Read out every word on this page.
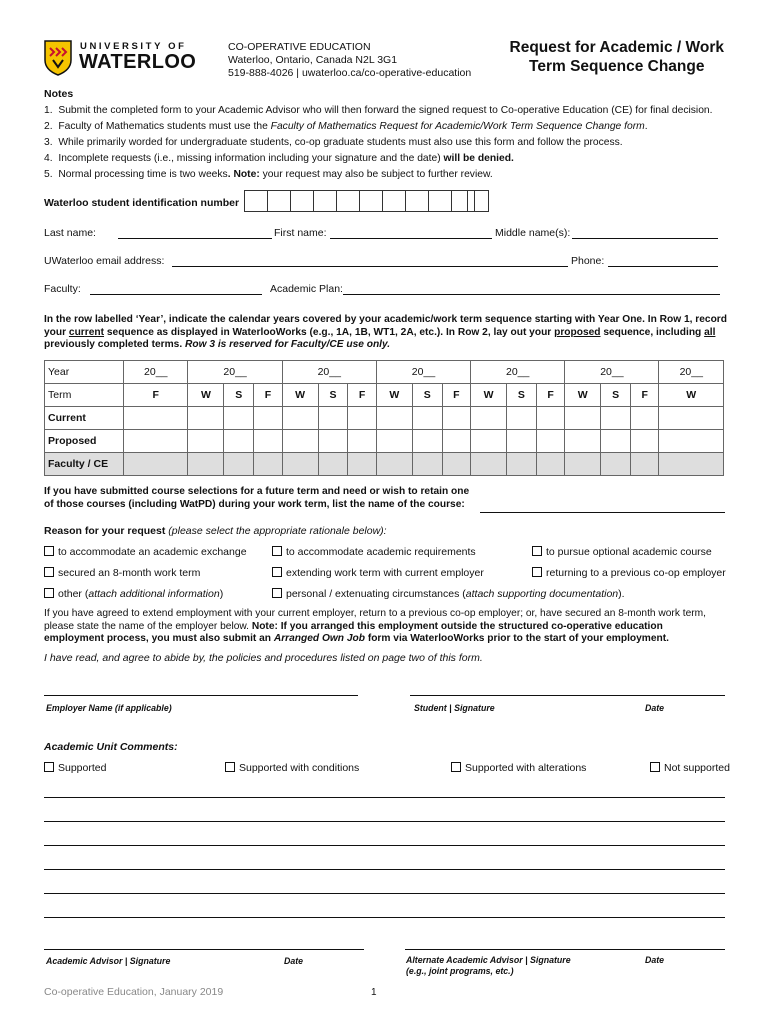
UNIVERSITY OF
WATERLOO
CO-OPERATIVE EDUCATION
Waterloo, Ontario, Canada N2L 3G1
519-888-4026 | uwaterloo.ca/co-operative-education
Request for Academic / Work
Term Sequence Change
Notes
1. Submit the completed form to your Academic Advisor who will then forward the signed request to Co-operative Education (CE) for final decision.
2. Faculty of Mathematics students must use the Faculty of Mathematics Request for Academic/Work Term Sequence Change form.
3. While primarily worded for undergraduate students, co-op graduate students must also use this form and follow the process.
4. Incomplete requests (i.e., missing information including your signature and the date) will be denied.
5. Normal processing time is two weeks. Note: your request may also be subject to further review.
Waterloo student identification number
Last name:	First name:	Middle name(s):
UWaterloo email address:	Phone:
Faculty:	Academic Plan:
In the row labelled ‘Year’, indicate the calendar years covered by your academic/work term sequence starting with Year One. In Row 1, record
your current sequence as displayed in WaterlooWorks (e.g., 1A, 1B, WT1, 2A, etc.). In Row 2, lay out your proposed sequence, including all
previously completed terms. Row 3 is reserved for Faculty/CE use only.
Year	20__	20__			20__			20__			20__			20__			20__
Term	F	W	S	F	W	S	F	W	S	F	W	S	F	W	S	F	W
Current																	
Proposed																	
Faculty / CE																	
If you have submitted course selections for a future term and need or wish to retain one
of those courses (including WatPD) during your work term, list the name of the course:
Reason for your request (please select the appropriate rationale below):
to accommodate an academic exchange
secured an 8-month work term
other (attach additional information)
to accommodate academic requirements
extending work term with current employer
personal / extenuating circumstances (attach supporting documentation).
to pursue optional academic course
returning to a previous co-op employer
If you have agreed to extend employment with your current employer, return to a previous co-op employer; or, have secured an 8-month work term,
please state the name of the employer below. Note: If you arranged this employment outside the structured co-operative education
employment process, you must also submit an Arranged Own Job form via WaterlooWorks prior to the start of your employment.
I have read, and agree to abide by, the policies and procedures listed on page two of this form.
Employer Name (if applicable)	Student | Signature	Date
Academic Unit Comments:
Supported	Supported with conditions	Supported with alterations	Not supported
Academic Advisor | Signature	Date	Alternate Academic Advisor | Signature
(e.g., joint programs, etc.)
Date
Co-operative Education, January 2019	1
